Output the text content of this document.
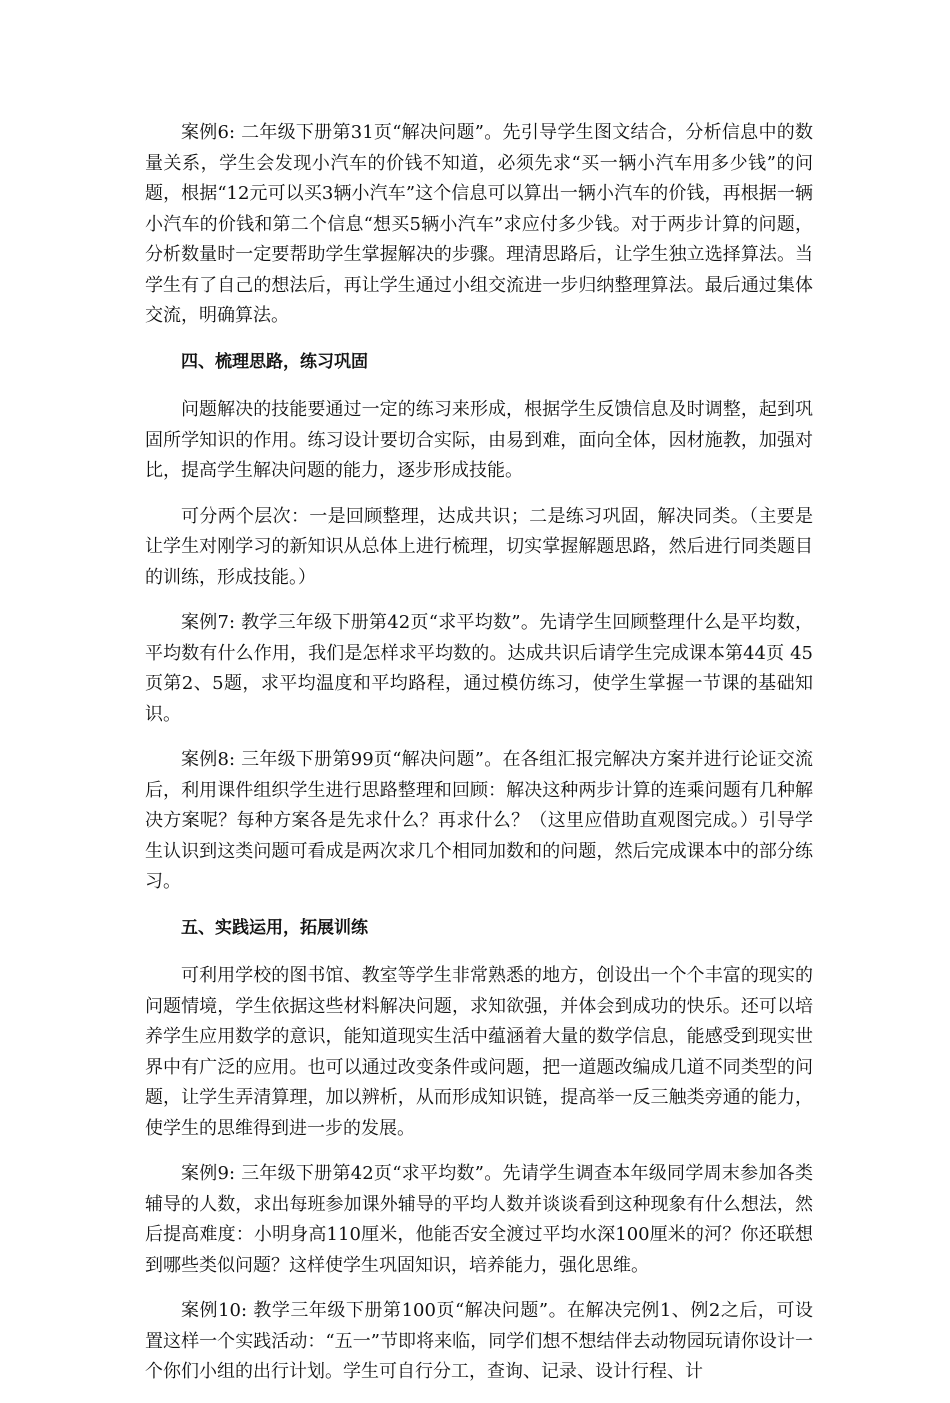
案例6: 二年级下册第31页“解决问题”。先引导学生图文结合，分析信息中的数量关系，学生会发现小汽车的价钱不知道，必须先求“买一辆小汽车用多少钱”的问题，根据“12元可以买3辆小汽车”这个信息可以算出一辆小汽车的价钱，再根据一辆小汽车的价钱和第二个信息“想买5辆小汽车”求应付多少钱。对于两步计算的问题，分析数量时一定要帮助学生掌握解决的步骤。理清思路后，让学生独立选择算法。当学生有了自己的想法后，再让学生通过小组交流进一步归纳整理算法。最后通过集体交流，明确算法。

四、梳理思路，练习巩固

问题解决的技能要通过一定的练习来形成，根据学生反馈信息及时调整，起到巩固所学知识的作用。练习设计要切合实际，由易到难，面向全体，因材施教，加强对比，提高学生解决问题的能力，逐步形成技能。

可分两个层次：一是回顾整理，达成共识；二是练习巩固，解决同类。（主要是让学生对刚学习的新知识从总体上进行梳理，切实掌握解题思路，然后进行同类题目的训练，形成技能。）

案例7: 教学三年级下册第42页“求平均数”。先请学生回顾整理什么是平均数，平均数有什么作用，我们是怎样求平均数的。达成共识后请学生完成课本第44页 45页第2、5题，求平均温度和平均路程，通过模仿练习，使学生掌握一节课的基础知识。

案例8: 三年级下册第99页“解决问题”。在各组汇报完解决方案并进行论证交流后，利用课件组织学生进行思路整理和回顾：解决这种两步计算的连乘问题有几种解决方案呢？每种方案各是先求什么？再求什么？（这里应借助直观图完成。）引导学生认识到这类问题可看成是两次求几个相同加数和的问题，然后完成课本中的部分练习。

五、实践运用，拓展训练

可利用学校的图书馆、教室等学生非常熟悉的地方，创设出一个个丰富的现实的问题情境，学生依据这些材料解决问题，求知欲强，并体会到成功的快乐。还可以培养学生应用数学的意识，能知道现实生活中蕴涵着大量的数学信息，能感受到现实世界中有广泛的应用。也可以通过改变条件或问题，把一道题改编成几道不同类型的问题，让学生弄清算理，加以辨析，从而形成知识链，提高举一反三触类旁通的能力，使学生的思维得到进一步的发展。

案例9: 三年级下册第42页“求平均数”。先请学生调查本年级同学周末参加各类辅导的人数，求出每班参加课外辅导的平均人数并谈谈看到这种现象有什么想法，然后提高难度：小明身高110厘米，他能否安全渡过平均水深100厘米的河？你还联想到哪些类似问题？这样使学生巩固知识，培养能力，强化思维。

案例10: 教学三年级下册第100页“解决问题”。在解决完例1、例2之后，可设置这样一个实践活动：“五一”节即将来临，同学们想不想结伴去动物园玩请你设计一个你们小组的出行计划。学生可自行分工，查询、记录、设计行程、计
